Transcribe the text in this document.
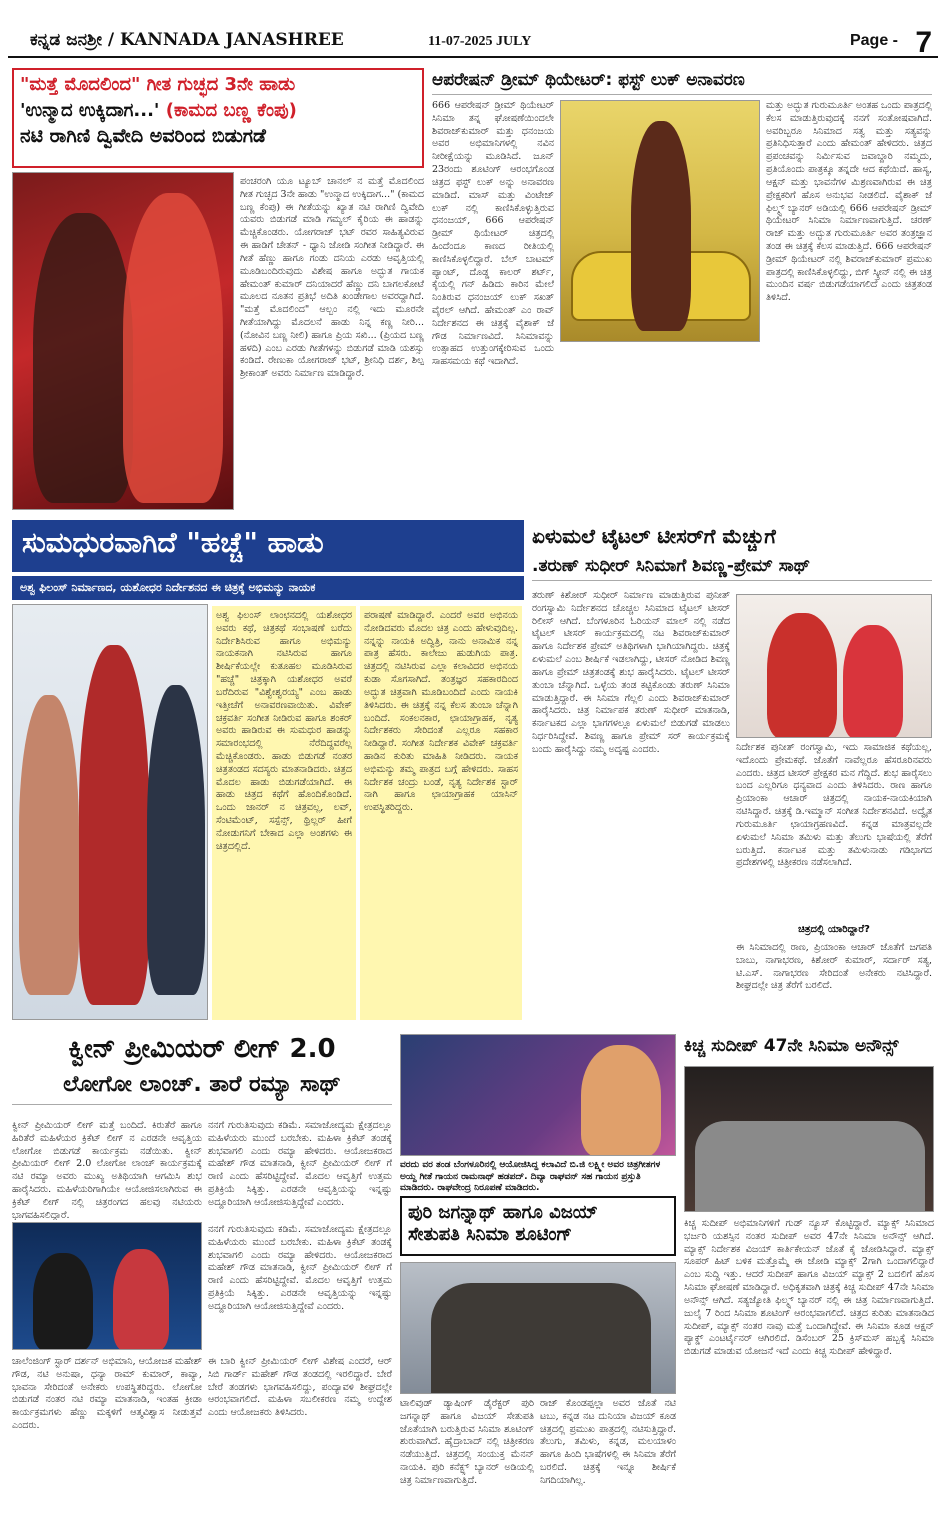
ಕನ್ನಡ ಜನಶ್ರೀ / KANNADA JANASHREE	11-07-2025 JULY	Page - 7
"ಮತ್ತೆ ಮೊದಲಿಂದ" ಗೀತ ಗುಚ್ಛದ 3ನೇ ಹಾಡು
'ಉನ್ಮಾದ ಉಕ್ಕಿದಾಗ...' (ಕಾಮದ ಬಣ್ಣ ಕೆಂಪು)
ನಟಿ ರಾಗಿಣಿ ದ್ವಿವೇದಿ ಅವರಿಂದ ಬಿಡುಗಡೆ
ಪಂಚರಂಗಿ ಯೂ ಟ್ಯೂಬ್ ಚಾನಲ್ ನ ಮತ್ತೆ ಮೊದಲಿಂದ ಗೀತ ಗುಚ್ಛದ 3ನೇ ಹಾಡು "ಉನ್ಮಾದ ಉಕ್ಕಿದಾಗ..." (ಕಾಮದ ಬಣ್ಣ ಕೆಂಪು) ಈ ಗೀತೆಯನ್ನು ಖ್ಯಾತ ನಟಿ ರಾಗಿಣಿ ದ್ವಿವೇದಿ ಯವರು ಬಿಡುಗಡೆ ಮಾಡಿ ಗಮ್ಯಲ್ ಕೈರಿಯ ಈ ಹಾಡನ್ನು ಮೆಚ್ಚಿಕೊಂಡರು. ಯೋಗರಾಜ್ ಭಟ್ ರವರ ಸಾಹಿತ್ಯವಿರುವ ಈ ಹಾಡಿಗೆ ಚೇತನ್ - ಧ್ಯಾನಿ ಜೋಡಿ ಸಂಗೀತ ನೀಡಿದ್ದಾರೆ. ಈ ಗೀತೆ ಹೆಣ್ಣು ಹಾಗೂ ಗಂಡು ದನಿಯ ಎರಡು ಆವೃತ್ತಿಯಲ್ಲಿ ಮೂಡಿಬಂದಿರುವುದು ವಿಶೇಷ ಹಾಗೂ ಅದ್ಭುತ ಗಾಯಕ ಹೇಮಂತ್ ಕುಮಾರ್ ದನಿಯಾದರೆ ಹೆಣ್ಣು ದನಿ ಬಾಗಲಕೋಟೆ ಮೂಲದ ನೂತನ ಪ್ರತಿಭೆ ಅದಿತಿ ಖಂಡೇಗಾಲ ಅವರದ್ದಾಗಿದೆ. "ಮತ್ತೆ ಮೊದಲಿಂದ" ಆಲ್ಬಂ ನಲ್ಲಿ ಇದು ಮೂರನೇ ಗೀತೆಯಾಗಿದ್ದು ಮೊದಲನೆ ಹಾಡು ನಿನ್ನ ಕಣ್ಣ ನೀರಿ... (ನೋವಿನ ಬಣ್ಣ ನೀಲಿ) ಹಾಗೂ ಪ್ರಿಯ ಸಖಿ... (ಪ್ರಿಯದ ಬಣ್ಣ ಹಳದಿ) ಎಂಬ ಎರಡು ಗೀತೆಗಳನ್ನು ಬಿಡುಗಡೆ ಮಾಡಿ ಯಶಸ್ಸು ಕಂಡಿದೆ. ರೇಣುಕಾ ಯೋಗರಾಜ್ ಭಟ್, ಶ್ರೀನಿಧಿ ದರ್ಶ, ಶಿಲ್ಪ ಶ್ರೀಕಾಂತ್ ಅವರು ನಿರ್ಮಾಣ ಮಾಡಿದ್ದಾರೆ.
ಆಪರೇಷನ್ ಡ್ರೀಮ್ ಥಿಯೇಟರ್: ಫಸ್ಟ್ ಲುಕ್ ಅನಾವರಣ
666 ಆಪರೇಷನ್ ಡ್ರೀಮ್ ಥಿಯೇಟರ್ ಸಿನಿಮಾ ತನ್ನ ಘೋಷಣೆಯಿಂದಲೇ ಶಿವರಾಜ್‌ಕುಮಾರ್ ಮತ್ತು ಧನಂಜಯ ಅವರ ಅಭಿಮಾನಿಗಳಲ್ಲಿ ನವಿನ ನೀರೀಕ್ಷೆಯನ್ನು ಮೂಡಿಸಿದೆ. ಜೂನ್ 23ರಂದು ಶೂಟಿಂಗ್ ಆರಂಭಗೊಂಡ ಚಿತ್ರದ ಫಸ್ಟ್ ಲುಕ್ ಅನ್ನು ಅನಾವರಣ ಮಾಡಿದೆ. ಮಾಸ್ ಮತ್ತು ವಿಂಟೇಜ್ ಲುಕ್ ನಲ್ಲಿ ಕಾಣಿಸಿಕೊಳ್ಳುತ್ತಿರುವ ಧನಂಜಯ್, 666 ಆಪರೇಷನ್ ಡ್ರೀಮ್ ಥಿಯೇಟರ್ ಚಿತ್ರದಲ್ಲಿ ಹಿಂದೆಂದೂ ಕಾಣದ ರೀತಿಯಲ್ಲಿ ಕಾಣಿಸಿಕೊಳ್ಳಲಿದ್ದಾರೆ. ಬೆಲ್ ಬಾಟಮ್ ಪ್ಯಾಂಟ್, ದೊಡ್ಡ ಕಾಲರ್ ಶರ್ಟ್, ಕೈಯಲ್ಲಿ ಗನ್ ಹಿಡಿದು ಕಾರಿನ ಮೇಲೆ ನಿಂತಿರುವ ಧನಂಜಯ್ ಲುಕ್ ಸಖತ್ ವೈರಲ್ ಆಗಿದೆ. ಹೇಮಂತ್ ಎಂ ರಾವ್ ನಿರ್ದೇಶನದ ಈ ಚಿತ್ರಕ್ಕೆ ವೈಶಾಕ್ ಜೆ ಗೌಡ ನಿರ್ಮಾಣವಿದೆ. ಸಿನಿಮಾವನ್ನು ಉತ್ಸಾಹದ ಉತ್ತುಂಗಕ್ಕೇರಿಸುವ ಒಂದು ಸಾಹಸಮಯ ಕಥೆ ಇದಾಗಿದೆ.
ಮತ್ತು ಅದ್ಭುತ ಗುರುಮೂರ್ತಿ ಅಂತಹ ಒಂದು ಪಾತ್ರದಲ್ಲಿ ಕೆಲಸ ಮಾಡುತ್ತಿರುವುದಕ್ಕೆ ನನಗೆ ಸಂತೋಷವಾಗಿದೆ. ಅವರಿಬ್ಬರೂ ಸಿನಿಮಾದ ಸತ್ವ ಮತ್ತು ಸತ್ಯವನ್ನು ಪ್ರತಿನಿಧಿಸುತ್ತಾರೆ ಎಂದು ಹೇಮಂತ್ ಹೇಳಿದರು. ಚಿತ್ರದ ಪ್ರಪಂಚವನ್ನು ನಿರ್ಮಿಸುವ ಜವಾಬ್ದಾರಿ ನಮ್ಮದು, ಪ್ರತಿಯೊಂದು ಪಾತ್ರಕ್ಕೂ ತನ್ನದೇ ಆದ ಕಥೆಯಿದೆ. ಹಾಸ್ಯ, ಆಕ್ಷನ್ ಮತ್ತು ಭಾವನೆಗಳ ಮಿಶ್ರಣವಾಗಿರುವ ಈ ಚಿತ್ರ ಪ್ರೇಕ್ಷಕರಿಗೆ ಹೊಸ ಅನುಭವ ನೀಡಲಿದೆ. ವೈಶಾಕ್ ಜೆ ಫಿಲ್ಮ್ಸ್ ಬ್ಯಾನರ್ ಅಡಿಯಲ್ಲಿ 666 ಆಪರೇಷನ್ ಡ್ರೀಮ್ ಥಿಯೇಟರ್ ಸಿನಿಮಾ ನಿರ್ಮಾಣವಾಗುತ್ತಿದೆ. ಚರಣ್ ರಾಜ್ ಮತ್ತು ಅದ್ಭುತ ಗುರುಮೂರ್ತಿ ಅವರ ತಂತ್ರಜ್ಞಾನ ತಂಡ ಈ ಚಿತ್ರಕ್ಕೆ ಕೆಲಸ ಮಾಡುತ್ತಿದೆ. 666 ಆಪರೇಷನ್ ಡ್ರೀಮ್ ಥಿಯೇಟರ್ ನಲ್ಲಿ ಶಿವರಾಜ್‌ಕುಮಾರ್ ಪ್ರಮುಖ ಪಾತ್ರದಲ್ಲಿ ಕಾಣಿಸಿಕೊಳ್ಳಲಿದ್ದು, ಬಿಗ್ ಸ್ಕ್ರೀನ್ ನಲ್ಲಿ ಈ ಚಿತ್ರ ಮುಂದಿನ ವರ್ಷ ಬಿಡುಗಡೆಯಾಗಲಿದೆ ಎಂದು ಚಿತ್ರತಂಡ ತಿಳಿಸಿದೆ.
ಸುಮಧುರವಾಗಿದೆ "ಹಚ್ಚೆ" ಹಾಡು
ಅಶ್ವ ಫಿಲಂಸ್ ನಿರ್ಮಾಣದ, ಯಶೋಧರ ನಿರ್ದೇಶನದ ಈ ಚಿತ್ರಕ್ಕೆ ಅಭಿಮನ್ಯು ನಾಯಕ
ಅಶ್ವ ಫಿಲಂಸ್ ಲಾಂಛನದಲ್ಲಿ ಯಶೋಧರ ಅವರು ಕಥೆ, ಚಿತ್ರಕಥೆ ಸಂಭಾಷಣೆ ಬರೆದು ನಿರ್ದೇಶಿಸಿರುವ ಹಾಗೂ ಅಭಿಮನ್ಯು ನಾಯಕನಾಗಿ ನಟಿಸಿರುವ ಹಾಗೂ ಶೀರ್ಷಿಕೆಯಲ್ಲೇ ಕುತೂಹಲ ಮೂಡಿಸಿರುವ "ಹಚ್ಚೆ" ಚಿತ್ರಕ್ಕಾಗಿ ಯಶೋಧರ ಅವರೆ ಬರೆದಿರುವ "ವಿಶ್ವೇಶ್ವರಯ್ಯ" ಎಂಬ ಹಾಡು ಇತ್ತೀಚೆಗೆ ಅನಾವರಣವಾಯಿತು. ವಿವೇಕ್ ಚಕ್ರವರ್ತಿ ಸಂಗೀತ ನೀಡಿರುವ ಹಾಗೂ ಶಂಕರ್ ಅವರು ಹಾಡಿರುವ ಈ ಸುಮಧುರ ಹಾಡನ್ನು ಸಮಾರಂಭದಲ್ಲಿ ನೆರೆದಿದ್ದವರೆಲ್ಲ ಮೆಚ್ಚಿಕೊಂಡರು. ಹಾಡು ಬಿಡುಗಡೆ ನಂತರ ಚಿತ್ರತಂಡದ ಸದಸ್ಯರು ಮಾತನಾಡಿದರು. ಚಿತ್ರದ ಮೊದಲ ಹಾಡು ಬಿಡುಗಡೆಯಾಗಿದೆ. ಈ ಹಾಡು ಚಿತ್ರದ ಕಥೆಗೆ ಹೊಂದಿಕೊಂಡಿದೆ. ಒಂದು ಜಾನರ್ ನ ಚಿತ್ರವಲ್ಲ, ಲವ್, ಸೆಂಟಿಮೆಂಟ್, ಸಸ್ಪೆನ್ಸ್, ಥ್ರಿಲ್ಲರ್ ಹೀಗೆ ನೋಡುಗನಿಗೆ ಬೇಕಾದ ಎಲ್ಲಾ ಅಂಶಗಳು ಈ ಚಿತ್ರದಲ್ಲಿದೆ.
ಪರಾಷಣೆ ಮಾಡಿದ್ದಾರೆ. ಎಂದರೆ ಅವರ ಅಭಿನಯ ನೋಡಿದವರು ಮೊದಲ ಚಿತ್ರ ಎಂದು ಹೇಳುವುದಿಲ್ಲ. ನನ್ನನ್ನು ನಾಯಕಿ ಅದ್ವಿತ್ರಿ, ನಾನು ಅನಾಮಿಕ ನನ್ನ ಪಾತ್ರ ಹೆಸರು. ಕಾಲೇಜು ಹುಡುಗಿಯ ಪಾತ್ರ. ಚಿತ್ರದಲ್ಲಿ ನಟಿಸಿರುವ ಎಲ್ಲಾ ಕಲಾವಿದರ ಅಭಿನಯ ಕುಡಾ ಸೊಗಸಾಗಿದೆ. ತಂತ್ರಜ್ಞರ ಸಹಕಾರದಿಂದ ಅದ್ಭುತ ಚಿತ್ರವಾಗಿ ಮೂಡಿಬಂದಿದೆ ಎಂದು ನಾಯಕಿ ತಿಳಿಸಿದರು. ಈ ಚಿತ್ರಕ್ಕೆ ನನ್ನ ಕೆಲಸ ತುಂಬಾ ಚೆನ್ನಾಗಿ ಬಂದಿದೆ. ಸಂಕಲನಕಾರ, ಛಾಯಾಗ್ರಾಹಕ, ನೃತ್ಯ ನಿರ್ದೇಶಕರು ಸೇರಿದಂತೆ ಎಲ್ಲರೂ ಸಹಕಾರ ನೀಡಿದ್ದಾರೆ. ಸಂಗೀತ ನಿರ್ದೇಶಕ ವಿವೇಕ್ ಚಕ್ರವರ್ತಿ ಹಾಡಿನ ಕುರಿತು ಮಾಹಿತಿ ನೀಡಿದರು. ನಾಯಕ ಅಭಿಮನ್ಯು ತಮ್ಮ ಪಾತ್ರದ ಬಗ್ಗೆ ಹೇಳಿದರು. ಸಾಹಸ ನಿರ್ದೇಶಕ ಚಂದ್ರು ಬಂಡೆ, ನೃತ್ಯ ನಿರ್ದೇಶಕ ಸ್ಟಾರ್ ನಾಗಿ ಹಾಗೂ ಛಾಯಾಗ್ರಾಹಕ ಯಾಸಿನ್ ಉಪಸ್ಥಿತರಿದ್ದರು.
ಏಳುಮಲೆ ಟೈಟಲ್ ಟೀಸರ್‌ಗೆ ಮೆಚ್ಚುಗೆ
.ತರುಣ್ ಸುಧೀರ್ ಸಿನಿಮಾಗೆ ಶಿವಣ್ಣ-ಪ್ರೇಮ್ ಸಾಥ್
ತರುಣ್ ಕಿಶೋರ್ ಸುಧೀರ್ ನಿರ್ಮಾಣ ಮಾಡುತ್ತಿರುವ ಪುನೀತ್ ರಂಗಸ್ವಾಮಿ ನಿರ್ದೇಶನದ ಚೊಚ್ಚಲ ಸಿನಿಮಾದ ಟೈಟಲ್ ಟೀಸರ್ ರಿಲೀಸ್ ಆಗಿದೆ. ಬೆಂಗಳೂರಿನ ಓರಿಯನ್ ಮಾಲ್ ನಲ್ಲಿ ನಡೆದ ಟೈಟಲ್ ಟೀಸರ್ ಕಾರ್ಯಕ್ರಮದಲ್ಲಿ ನಟ ಶಿವರಾಜ್‌ಕುಮಾರ್ ಹಾಗೂ ನಿರ್ದೇಶಕ ಪ್ರೇಮ್ ಅತಿಥಿಗಳಾಗಿ ಭಾಗಿಯಾಗಿದ್ದರು. ಚಿತ್ರಕ್ಕೆ ಏಳುಮಲೆ ಎಂಬ ಶೀರ್ಷಿಕೆ ಇಡಲಾಗಿದ್ದು, ಟೀಸರ್ ನೋಡಿದ ಶಿವಣ್ಣ ಹಾಗೂ ಪ್ರೇಮ್ ಚಿತ್ರತಂಡಕ್ಕೆ ಶುಭ ಹಾರೈಸಿದರು. ಟೈಟಲ್ ಟೀಸರ್ ತುಂಬಾ ಚೆನ್ನಾಗಿದೆ. ಒಳ್ಳೆಯ ತಂಡ ಕಟ್ಟಿಕೊಂಡು ತರುಣ್ ಸಿನಿಮಾ ಮಾಡುತ್ತಿದ್ದಾರೆ. ಈ ಸಿನಿಮಾ ಗೆಲ್ಲಲಿ ಎಂದು ಶಿವರಾಜ್‌ಕುಮಾರ್ ಹಾರೈಸಿದರು. ಚಿತ್ರ ನಿರ್ಮಾಪಕ ತರುಣ್ ಸುಧೀರ್ ಮಾತನಾಡಿ, ಕರ್ನಾಟಕದ ಎಲ್ಲಾ ಭಾಗಗಳಲ್ಲೂ ಏಳುಮಲೆ ಬಿಡುಗಡೆ ಮಾಡಲು ನಿರ್ಧರಿಸಿದ್ದೇವೆ. ಶಿವಣ್ಣ ಹಾಗೂ ಪ್ರೇಮ್ ಸರ್ ಕಾರ್ಯಕ್ರಮಕ್ಕೆ ಬಂದು ಹಾರೈಸಿದ್ದು ನಮ್ಮ ಅದೃಷ್ಟ ಎಂದರು.	ನಿರ್ದೇಶಕ ಪುನೀತ್ ರಂಗಸ್ವಾಮಿ, ಇದು ಸಾಮಾಜಿಕ ಕಥೆಯಲ್ಲ, ಇದೊಂದು ಪ್ರೇಮಕಥೆ. ಜೊತೆಗೆ ನಾವೆಲ್ಲರೂ ಹೆಸರೂರಿನವರು ಎಂದರು. ಚಿತ್ರದ ಟೀಸರ್ ಪ್ರೇಕ್ಷಕರ ಮನ ಗೆದ್ದಿದೆ. ಶುಭ ಹಾರೈಸಲು ಬಂದ ಎಲ್ಲರಿಗೂ ಧನ್ಯವಾದ ಎಂದು ತಿಳಿಸಿದರು. ರಾಣ ಹಾಗೂ ಪ್ರಿಯಾಂಕಾ ಆಚಾರ್ ಚಿತ್ರದಲ್ಲಿ ನಾಯಕ-ನಾಯಕಿಯಾಗಿ ನಟಿಸಿದ್ದಾರೆ. ಚಿತ್ರಕ್ಕೆ ಡಿ.ಇಮ್ಮಾನ್ ಸಂಗೀತ ನಿರ್ದೇಶನವಿದೆ. ಅದ್ವೈತ ಗುರುಮೂರ್ತಿ ಛಾಯಾಗ್ರಹಣವಿದೆ. ಕನ್ನಡ ಮಾತ್ರವಲ್ಲದೇ ಏಳುಮಲೆ ಸಿನಿಮಾ ತಮಿಳು ಮತ್ತು ತೆಲುಗು ಭಾಷೆಯಲ್ಲಿ ತೆರೆಗೆ ಬರುತ್ತಿದೆ. ಕರ್ನಾಟಕ ಮತ್ತು ತಮಿಳುನಾಡು ಗಡಿಭಾಗದ ಪ್ರದೇಶಗಳಲ್ಲಿ ಚಿತ್ರೀಕರಣ ನಡೆಸಲಾಗಿದೆ.
ಚಿತ್ರದಲ್ಲಿ ಯಾರಿದ್ದಾರೆ?
ಈ ಸಿನಿಮಾದಲ್ಲಿ ರಾಣ, ಪ್ರಿಯಾಂಕಾ ಆಚಾರ್ ಜೊತೆಗೆ ಜಗಪತಿ ಬಾಬು, ನಾಗಾಭರಣ, ಕಿಶೋರ್ ಕುಮಾರ್, ಸರ್ದಾರ್ ಸತ್ಯ, ಟಿ.ಎಸ್. ನಾಗಾಭರಣ ಸೇರಿದಂತೆ ಅನೇಕರು ನಟಿಸಿದ್ದಾರೆ. ಶೀಘ್ರದಲ್ಲೇ ಚಿತ್ರ ತೆರೆಗೆ ಬರಲಿದೆ.
ಕ್ವೀನ್ ಪ್ರೀಮಿಯರ್ ಲೀಗ್ 2.0
ಲೋಗೋ ಲಾಂಚ್. ತಾರೆ ರಮ್ಯಾ ಸಾಥ್
ಕ್ವೀನ್ ಪ್ರೀಮಿಯರ್ ಲೀಗ್ ಮತ್ತೆ ಬಂದಿದೆ. ಕಿರುತೆರೆ ಹಾಗೂ ಹಿರಿತೆರೆ ಮಹಿಳೆಯರ ಕ್ರಿಕೆಟ್ ಲೀಗ್ ನ ಎರಡನೇ ಆವೃತ್ತಿಯ ಲೋಗೋ ಬಿಡುಗಡೆ ಕಾರ್ಯಕ್ರಮ ನಡೆಯಿತು. ಕ್ವೀನ್ ಪ್ರೀಮಿಯರ್ ಲೀಗ್ 2.0 ಲೋಗೋ ಲಾಂಚ್ ಕಾರ್ಯಕ್ರಮಕ್ಕೆ ನಟಿ ರಮ್ಯಾ ಅವರು ಮುಖ್ಯ ಅತಿಥಿಯಾಗಿ ಆಗಮಿಸಿ ಶುಭ ಹಾರೈಸಿದರು. ಮಹಿಳೆಯರಿಗಾಗಿಯೇ ಆಯೋಜಿಸಲಾಗಿರುವ ಈ ಕ್ರಿಕೆಟ್ ಲೀಗ್ ನಲ್ಲಿ ಚಿತ್ರರಂಗದ ಹಲವು ನಟಿಯರು ಭಾಗವಹಿಸಲಿದ್ದಾರೆ.
ನನಗೆ ಗುರುತಿಸುವುದು ಕಡಿಮೆ. ಸಮಾಜೋದ್ಯಮ ಕ್ಷೇತ್ರದಲ್ಲೂ ಮಹಿಳೆಯರು ಮುಂದೆ ಬರಬೇಕು. ಮಹಿಳಾ ಕ್ರಿಕೆಟ್ ತಂಡಕ್ಕೆ ಶುಭವಾಗಲಿ ಎಂದು ರಮ್ಯಾ ಹೇಳಿದರು. ಆಯೋಜಕರಾದ ಮಹೇಶ್ ಗೌಡ ಮಾತನಾಡಿ, ಕ್ವೀನ್ ಪ್ರೀಮಿಯರ್ ಲೀಗ್ ಗೆ ರಾಣಿ ಎಂದು ಹೆಸರಿಟ್ಟಿದ್ದೇವೆ. ಮೊದಲ ಆವೃತ್ತಿಗೆ ಉತ್ತಮ ಪ್ರತಿಕ್ರಿಯೆ ಸಿಕ್ಕಿತ್ತು. ಎರಡನೇ ಆವೃತ್ತಿಯನ್ನು ಇನ್ನಷ್ಟು ಅದ್ದೂರಿಯಾಗಿ ಆಯೋಜಿಸುತ್ತಿದ್ದೇವೆ ಎಂದರು.
ನನಗೆ ಗುರುತಿಸುವುದು ಕಡಿಮೆ. ಸಮಾಜೋದ್ಯಮ ಕ್ಷೇತ್ರದಲ್ಲೂ ಮಹಿಳೆಯರು ಮುಂದೆ ಬರಬೇಕು. ಮಹಿಳಾ ಕ್ರಿಕೆಟ್ ತಂಡಕ್ಕೆ ಶುಭವಾಗಲಿ ಎಂದು ರಮ್ಯಾ ಹೇಳಿದರು. ಆಯೋಜಕರಾದ ಮಹೇಶ್ ಗೌಡ ಮಾತನಾಡಿ, ಕ್ವೀನ್ ಪ್ರೀಮಿಯರ್ ಲೀಗ್ ಗೆ ರಾಣಿ ಎಂದು ಹೆಸರಿಟ್ಟಿದ್ದೇವೆ. ಮೊದಲ ಆವೃತ್ತಿಗೆ ಉತ್ತಮ ಪ್ರತಿಕ್ರಿಯೆ ಸಿಕ್ಕಿತ್ತು. ಎರಡನೇ ಆವೃತ್ತಿಯನ್ನು ಇನ್ನಷ್ಟು ಅದ್ದೂರಿಯಾಗಿ ಆಯೋಜಿಸುತ್ತಿದ್ದೇವೆ ಎಂದರು.
ಚಾಲೆಂಜಿಂಗ್ ಸ್ಟಾರ್ ದರ್ಶನ್ ಅಭಿಮಾನಿ, ಆಯೋಜಕ ಮಹೇಶ್ ಗೌಡ, ನಟಿ ಅನುಷಾ, ಧನ್ಯಾ ರಾಮ್ ಕುಮಾರ್, ಕಾವ್ಯಾ, ಭಾವನಾ ಸೇರಿದಂತೆ ಅನೇಕರು ಉಪಸ್ಥಿತರಿದ್ದರು. ಲೋಗೋ ಬಿಡುಗಡೆ ನಂತರ ನಟಿ ರಮ್ಯಾ ಮಾತನಾಡಿ, ಇಂತಹ ಕ್ರೀಡಾ ಕಾರ್ಯಕ್ರಮಗಳು ಹೆಣ್ಣು ಮಕ್ಕಳಿಗೆ ಆತ್ಮವಿಶ್ವಾಸ ನೀಡುತ್ತವೆ ಎಂದರು.
ಈ ಬಾರಿ ಕ್ವೀನ್ ಪ್ರೀಮಿಯರ್ ಲೀಗ್ ವಿಶೇಷ ಎಂದರೆ, ಆರ್ ಸಿಬಿ ಗಾರ್ಡ್ ಮಹೇಶ್ ಗೌಡ ತಂಡದಲ್ಲಿ ಇರಲಿದ್ದಾರೆ. ಬೇರೆ ಬೇರೆ ತಂಡಗಳು ಭಾಗವಹಿಸಲಿದ್ದು, ಪಂದ್ಯಾವಳಿ ಶೀಘ್ರದಲ್ಲೇ ಆರಂಭವಾಗಲಿದೆ. ಮಹಿಳಾ ಸಬಲೀಕರಣ ನಮ್ಮ ಉದ್ದೇಶ ಎಂದು ಆಯೋಜಕರು ತಿಳಿಸಿದರು.
ವರದು ವರ ತಂಡ ಬೆಂಗಳೂರಿನಲ್ಲಿ ಆಯೋಜಿಸಿದ್ದ ಕಲಾವಿದೆ ಬಿ.ಜಿ ಲಕ್ಷ್ಮೀ ಅವರ ಚಿತ್ರಗೀತಗಳ ಅಯ್ದ ಗೀತೆ ಗಾಯನ ರಾಮನಾಥ್ ಹಡಪದ್. ದಿವ್ಯಾ ರಾಘವನ್ ಸಹ ಗಾಯನ ಪ್ರಸ್ತುತಿ ಮಾಡಿದರು. ರಾಘವೇಂದ್ರ ನಿರೂಪಣೆ ಮಾಡಿದರು.
ಪುರಿ ಜಗನ್ನಾಥ್ ಹಾಗೂ ವಿಜಯ್
ಸೇತುಪತಿ ಸಿನಿಮಾ ಶೂಟಿಂಗ್
ಟಾಲಿವುಡ್ ಡ್ಯಾಷಿಂಗ್ ಡೈರೆಕ್ಟರ್ ಪುರಿ ಜಗನ್ನಾಥ್ ಹಾಗೂ ವಿಜಯ್ ಸೇತುಪತಿ ಜೊತೆಯಾಗಿ ಬರುತ್ತಿರುವ ಸಿನಿಮಾ ಶೂಟಿಂಗ್ ಶುರುವಾಗಿದೆ. ಹೈದ್ರಾಬಾದ್ ನಲ್ಲಿ ಚಿತ್ರೀಕರಣ ನಡೆಯುತ್ತಿದೆ. ಚಿತ್ರದಲ್ಲಿ ಸಂಯುಕ್ತ ಮೆನನ್ ನಾಯಕಿ. ಪುರಿ ಕನೆಕ್ಟ್ಸ್ ಬ್ಯಾನರ್ ಅಡಿಯಲ್ಲಿ ಚಿತ್ರ ನಿರ್ಮಾಣವಾಗುತ್ತಿದೆ.
ರಾಜ್ ಕೊಂಡಪ್ಪಲ್ಲಾ ಅವರ ಜೊತೆ ನಟಿ ಟಬು, ಕನ್ನಡ ನಟ ದುನಿಯಾ ವಿಜಯ್ ಕೂಡ ಚಿತ್ರದಲ್ಲಿ ಪ್ರಮುಖ ಪಾತ್ರದಲ್ಲಿ ನಟಿಸುತ್ತಿದ್ದಾರೆ. ತೆಲುಗು, ತಮಿಳು, ಕನ್ನಡ, ಮಲಯಾಳಂ ಹಾಗೂ ಹಿಂದಿ ಭಾಷೆಗಳಲ್ಲಿ ಈ ಸಿನಿಮಾ ತೆರೆಗೆ ಬರಲಿದೆ. ಚಿತ್ರಕ್ಕೆ ಇನ್ನೂ ಶೀರ್ಷಿಕೆ ನಿಗದಿಯಾಗಿಲ್ಲ.
ಕಿಚ್ಚ ಸುದೀಪ್ 47ನೇ ಸಿನಿಮಾ ಅನೌನ್ಸ್
ಕಿಚ್ಚ ಸುದೀಪ್ ಅಭಿಮಾನಿಗಳಿಗೆ ಗುಡ್ ನ್ಯೂಸ್ ಕೊಟ್ಟಿದ್ದಾರೆ. ಮ್ಯಾಕ್ಸ್ ಸಿನಿಮಾದ ಭರ್ಜರಿ ಯಶಸ್ಸಿನ ನಂತರ ಸುದೀಪ್ ಅವರ 47ನೇ ಸಿನಿಮಾ ಅನೌನ್ಸ್ ಆಗಿದೆ. ಮ್ಯಾಕ್ಸ್ ನಿರ್ದೇಶಕ ವಿಜಯ್ ಕಾರ್ತಿಕೇಯನ್ ಜೊತೆ ಕೈ ಜೋಡಿಸಿದ್ದಾರೆ. ಮ್ಯಾಕ್ಸ್ ಸೂಪರ್ ಹಿಟ್ ಬಳಿಕ ಮತ್ತೊಮ್ಮೆ ಈ ಜೋಡಿ ಮ್ಯಾಕ್ಸ್ 2ಗಾಗಿ ಒಂದಾಗಲಿದ್ದಾರೆ ಎಂಬ ಸುದ್ದಿ ಇತ್ತು. ಆದರೆ ಸುದೀಪ್ ಹಾಗೂ ವಿಜಯ್ ಮ್ಯಾಕ್ಸ್ 2 ಬದಲಿಗೆ ಹೊಸ ಸಿನಿಮಾ ಘೋಷಣೆ ಮಾಡಿದ್ದಾರೆ. ಅಧಿಕೃತವಾಗಿ ಚಿತ್ರಕ್ಕೆ ಕಿಚ್ಚ ಸುದೀಪ್ 47ನೇ ಸಿನಿಮಾ ಅನೌನ್ಸ್ ಆಗಿದೆ. ಸತ್ಯಜ್ಯೋತಿ ಫಿಲ್ಮ್ಸ್ ಬ್ಯಾನರ್ ನಲ್ಲಿ ಈ ಚಿತ್ರ ನಿರ್ಮಾಣವಾಗುತ್ತಿದೆ. ಜುಲೈ 7 ರಿಂದ ಸಿನಿಮಾ ಶೂಟಿಂಗ್ ಆರಂಭವಾಗಲಿದೆ. ಚಿತ್ರದ ಕುರಿತು ಮಾತನಾಡಿದ ಸುದೀಪ್, ಮ್ಯಾಕ್ಸ್ ನಂತರ ನಾವು ಮತ್ತೆ ಒಂದಾಗಿದ್ದೇವೆ. ಈ ಸಿನಿಮಾ ಕೂಡ ಆಕ್ಷನ್ ಪ್ಯಾಕ್ಡ್ ಎಂಟರ್ಟೈನರ್ ಆಗಿರಲಿದೆ. ಡಿಸೆಂಬರ್ 25 ಕ್ರಿಸ್‌ಮಸ್ ಹಬ್ಬಕ್ಕೆ ಸಿನಿಮಾ ಬಿಡುಗಡೆ ಮಾಡುವ ಯೋಜನೆ ಇದೆ ಎಂದು ಕಿಚ್ಚ ಸುದೀಪ್ ಹೇಳಿದ್ದಾರೆ.
